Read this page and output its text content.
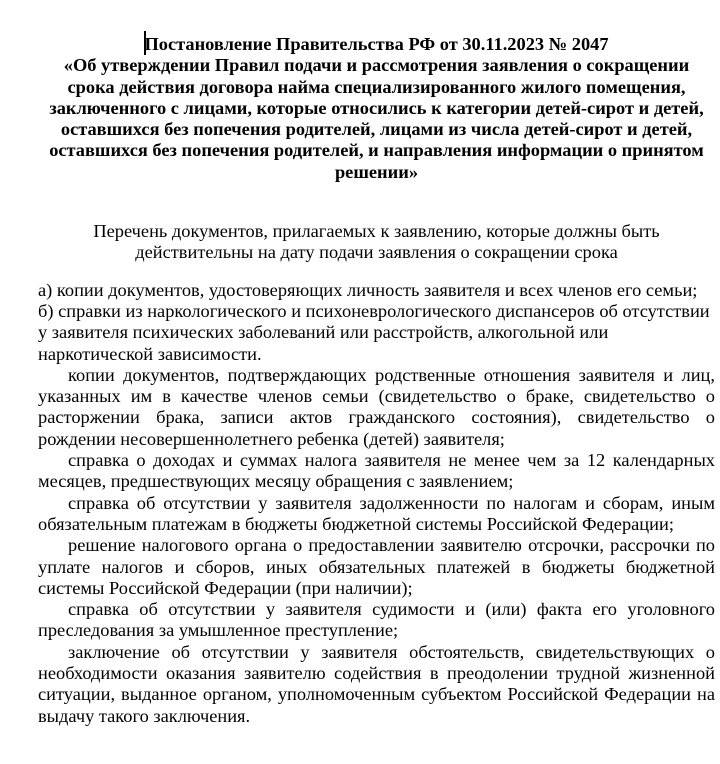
Постановление Правительства РФ от 30.11.2023 № 2047

«Об утверждении Правил подачи и рассмотрения заявления о сокращении срока действия договора найма специализированного жилого помещения, заключенного с лицами, которые относились к категории детей-сирот и детей, оставшихся без попечения родителей, лицами из числа детей-сирот и детей, оставшихся без попечения родителей, и направления информации о принятом решении»

Перечень документов, прилагаемых к заявлению, которые должны быть действительны на дату подачи заявления о сокращении срока

а) копии документов, удостоверяющих личность заявителя и всех членов его семьи;

б) справки из наркологического и психоневрологического диспансеров об отсутствии у заявителя психических заболеваний или расстройств, алкогольной или наркотической зависимости.

копии документов, подтверждающих родственные отношения заявителя и лиц, указанных им в качестве членов семьи (свидетельство о браке, свидетельство о расторжении брака, записи актов гражданского состояния), свидетельство о рождении несовершеннолетнего ребенка (детей) заявителя;

справка о доходах и суммах налога заявителя не менее чем за 12 календарных месяцев, предшествующих месяцу обращения с заявлением;

справка об отсутствии у заявителя задолженности по налогам и сборам, иным обязательным платежам в бюджеты бюджетной системы Российской Федерации;

решение налогового органа о предоставлении заявителю отсрочки, рассрочки по уплате налогов и сборов, иных обязательных платежей в бюджеты бюджетной системы Российской Федерации (при наличии);

справка об отсутствии у заявителя судимости и (или) факта его уголовного преследования за умышленное преступление;

заключение об отсутствии у заявителя обстоятельств, свидетельствующих о необходимости оказания заявителю содействия в преодолении трудной жизненной ситуации, выданное органом, уполномоченным субъектом Российской Федерации на выдачу такого заключения.
